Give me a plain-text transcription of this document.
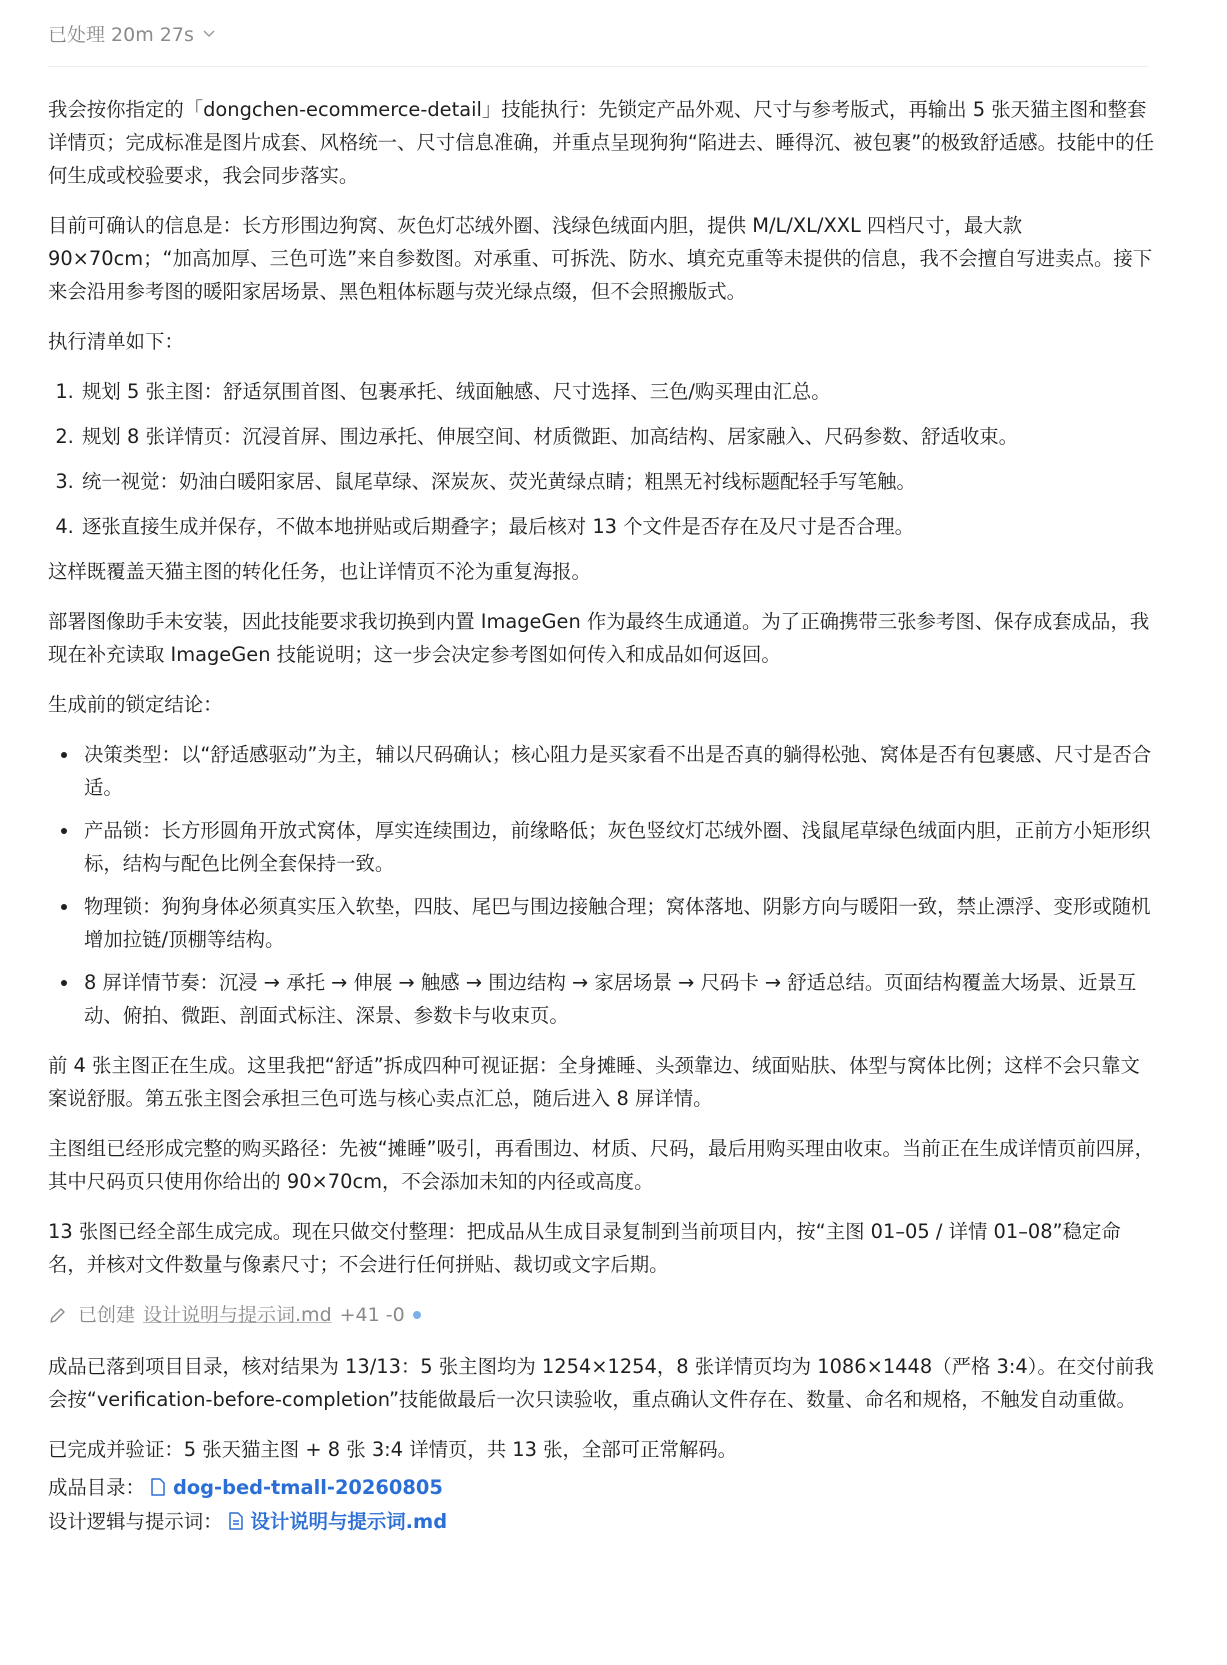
已处理 20m 27s

我会按你指定的「dongchen-ecommerce-detail」技能执行：先锁定产品外观、尺寸与参考版式，再输出 5 张天猫主图和整套详情页；完成标准是图片成套、风格统一、尺寸信息准确，并重点呈现狗狗“陷进去、睡得沉、被包裹”的极致舒适感。技能中的任何生成或校验要求，我会同步落实。

目前可确认的信息是：长方形围边狗窝、灰色灯芯绒外圈、浅绿色绒面内胆，提供 M/L/XL/XXL 四档尺寸，最大款 90×70cm；“加高加厚、三色可选”来自参数图。对承重、可拆洗、防水、填充克重等未提供的信息，我不会擅自写进卖点。接下来会沿用参考图的暖阳家居场景、黑色粗体标题与荧光绿点缀，但不会照搬版式。

执行清单如下：

1. 规划 5 张主图：舒适氛围首图、包裹承托、绒面触感、尺寸选择、三色/购买理由汇总。
2. 规划 8 张详情页：沉浸首屏、围边承托、伸展空间、材质微距、加高结构、居家融入、尺码参数、舒适收束。
3. 统一视觉：奶油白暖阳家居、鼠尾草绿、深炭灰、荧光黄绿点睛；粗黑无衬线标题配轻手写笔触。
4. 逐张直接生成并保存，不做本地拼贴或后期叠字；最后核对 13 个文件是否存在及尺寸是否合理。

这样既覆盖天猫主图的转化任务，也让详情页不沦为重复海报。

部署图像助手未安装，因此技能要求我切换到内置 ImageGen 作为最终生成通道。为了正确携带三张参考图、保存成套成品，我现在补充读取 ImageGen 技能说明；这一步会决定参考图如何传入和成品如何返回。

生成前的锁定结论：

• 决策类型：以“舒适感驱动”为主，辅以尺码确认；核心阻力是买家看不出是否真的躺得松弛、窝体是否有包裹感、尺寸是否合适。
• 产品锁：长方形圆角开放式窝体，厚实连续围边，前缘略低；灰色竖纹灯芯绒外圈、浅鼠尾草绿色绒面内胆，正前方小矩形织标，结构与配色比例全套保持一致。
• 物理锁：狗狗身体必须真实压入软垫，四肢、尾巴与围边接触合理；窝体落地、阴影方向与暖阳一致，禁止漂浮、变形或随机增加拉链/顶棚等结构。
• 8 屏详情节奏：沉浸 → 承托 → 伸展 → 触感 → 围边结构 → 家居场景 → 尺码卡 → 舒适总结。页面结构覆盖大场景、近景互动、俯拍、微距、剖面式标注、深景、参数卡与收束页。

前 4 张主图正在生成。这里我把“舒适”拆成四种可视证据：全身摊睡、头颈靠边、绒面贴肤、体型与窝体比例；这样不会只靠文案说舒服。第五张主图会承担三色可选与核心卖点汇总，随后进入 8 屏详情。

主图组已经形成完整的购买路径：先被“摊睡”吸引，再看围边、材质、尺码，最后用购买理由收束。当前正在生成详情页前四屏，其中尺码页只使用你给出的 90×70cm，不会添加未知的内径或高度。

13 张图已经全部生成完成。现在只做交付整理：把成品从生成目录复制到当前项目内，按“主图 01–05 / 详情 01–08”稳定命名，并核对文件数量与像素尺寸；不会进行任何拼贴、裁切或文字后期。

已创建 设计说明与提示词.md +41 -0

成品已落到项目目录，核对结果为 13/13：5 张主图均为 1254×1254，8 张详情页均为 1086×1448（严格 3:4）。在交付前我会按“verification-before-completion”技能做最后一次只读验收，重点确认文件存在、数量、命名和规格，不触发自动重做。

已完成并验证：5 张天猫主图 + 8 张 3:4 详情页，共 13 张，全部可正常解码。

成品目录： dog-bed-tmall-20260805
设计逻辑与提示词： 设计说明与提示词.md
